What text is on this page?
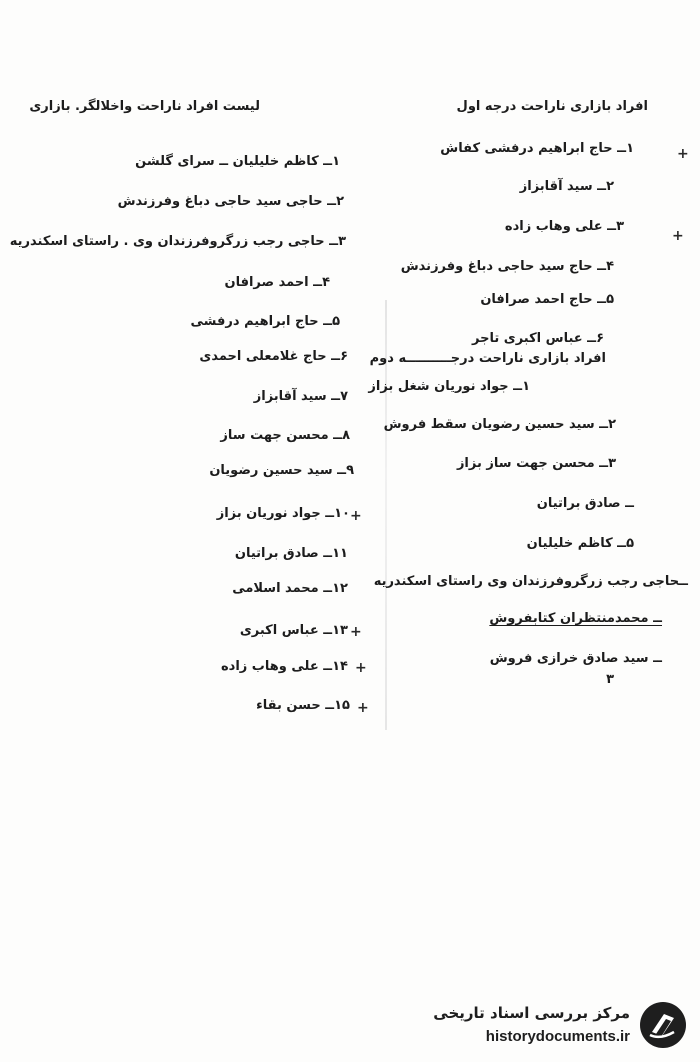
افراد بازاری ناراحت درجه اول
۱ــ حاج ابراهیم درفشی کفاش
۲ــ سید آقابزاز
۳ــ علی وهاب زاده
۴ــ حاج سید حاجی دباغ وفرزندش
۵ــ حاج احمد صرافان
۶ــ عباس اکبری تاجر
افراد بازاری ناراحت درجــــــــــه دوم
۱ــ جواد نوریان شغل بزاز
۲ــ سید حسین رضویان سقط فروش
۳ــ محسن جهت ساز بزاز
ــ صادق براتیان
۵ــ کاظم خلیلیان
ــحاجی رجب زرگروفرزندان وی راستای اسکندریه
ــ محمدمنتظران کتابفروش
ــ سید صادق خرازی فروش
۳
+
+
لیست افراد ناراحت واخلالگر. بازاری
۱ــ کاظم خلیلیان ــ سرای گلشن
۲ــ حاجی سید حاجی دباغ وفرزندش
۳ــ حاجی رجب زرگروفرزندان وی . راستای اسکندریه
۴ــ احمد صرافان
۵ــ حاج ابراهیم درفشی
۶ــ حاج غلامعلی احمدی
۷ــ سید آقابزاز
۸ــ محسن جهت ساز
۹ــ سید حسین رضویان
۱۰ــ جواد نوریان بزاز
۱۱ــ صادق براتیان
۱۲ــ محمد اسلامی
۱۳ــ عباس اکبری
۱۴ــ علی وهاب زاده
۱۵ــ حسن بقاء
+
+
+
+
مرکز بررسی اسناد تاریخی
historydocuments.ir
